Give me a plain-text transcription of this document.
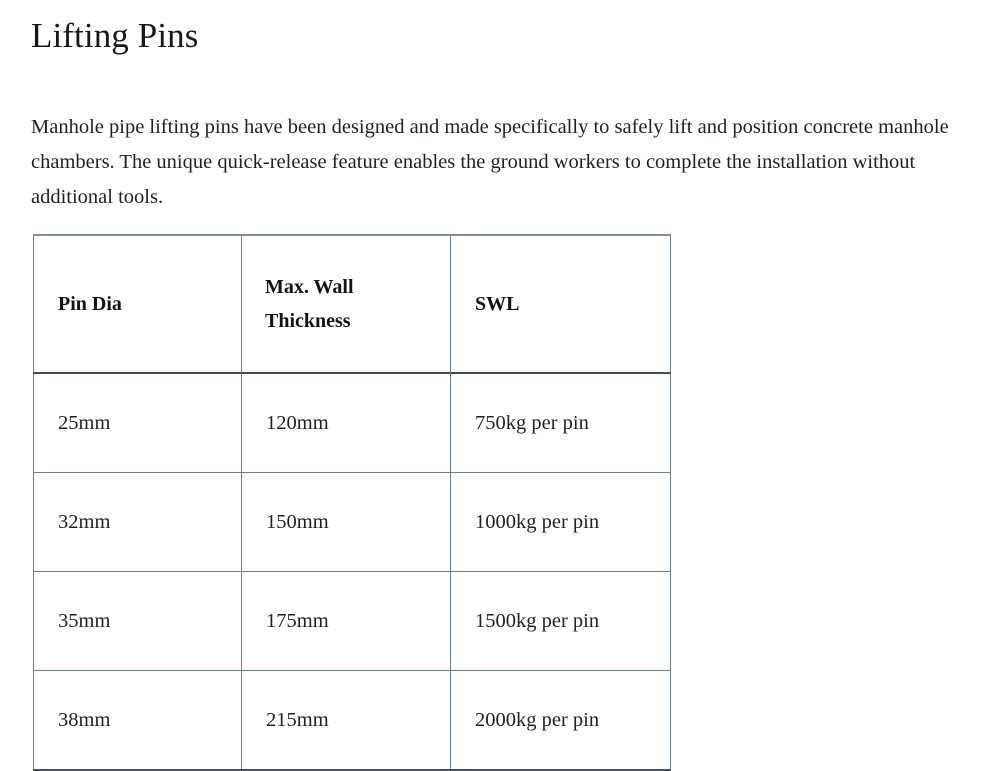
Lifting Pins

Manhole pipe lifting pins have been designed and made specifically to safely lift and position concrete manhole chambers. The unique quick-release feature enables the ground workers to complete the installation without additional tools.

Pin Dia	Max. Wall Thickness	SWL
25mm	120mm	750kg per pin
32mm	150mm	1000kg per pin
35mm	175mm	1500kg per pin
38mm	215mm	2000kg per pin
